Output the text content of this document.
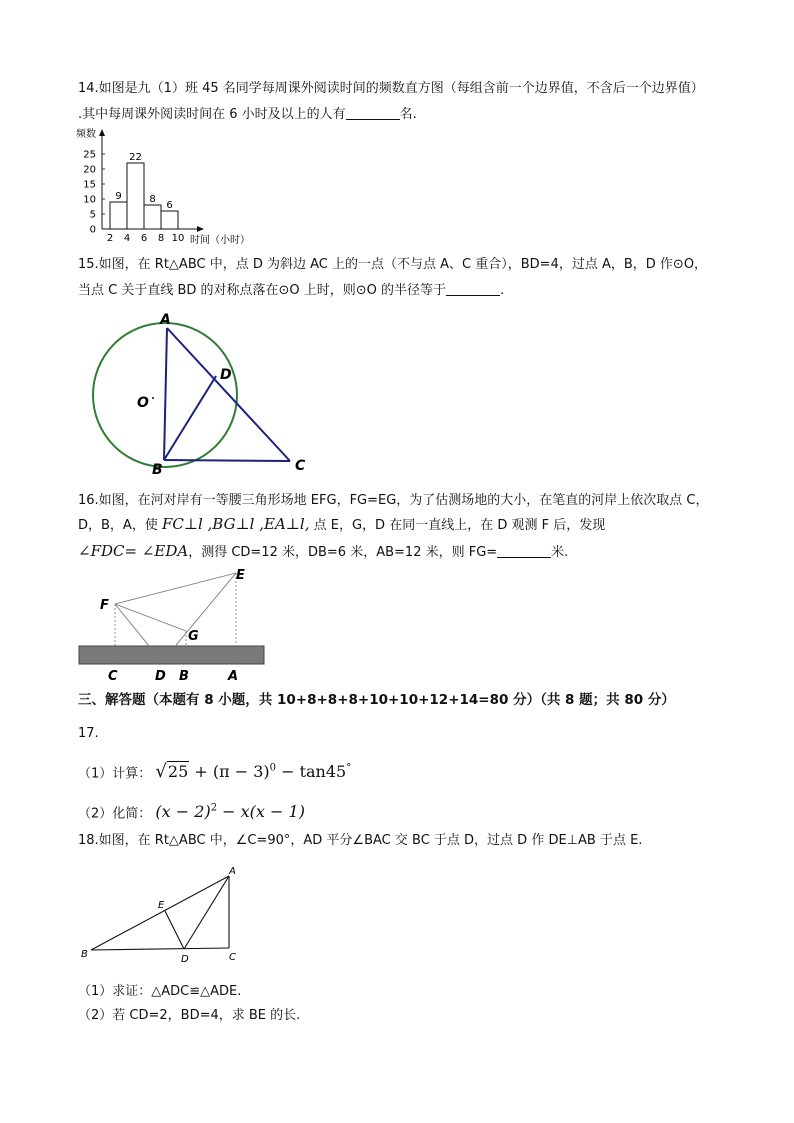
14.如图是九（1）班 45 名同学每周课外阅读时间的频数直方图（每组含前一个边界值，不含后一个边界值）
.其中每周课外阅读时间在 6 小时及以上的人有	名.
频数
0
5
10
15
20
25
9
22
8
6
2 4 6 8 10 时间（小时）
15.如图，在 Rt△ABC 中，点 D 为斜边 AC 上的一点（不与点 A、C 重合），BD=4，过点 A，B，D 作⊙O，
当点 C 关于直线 BD 的对称点落在⊙O 上时，则⊙O 的半径等于	.
A
B	C
D
O
16.如图，在河对岸有一等腰三角形场地 EFG，FG=EG，为了估测场地的大小，在笔直的河岸上依次取点 C，
D，B，A，使 FC⊥l ,BG⊥l ,EA⊥l, 点 E，G，D 在同一直线上，在 D 观测 F 后，发现
∠FDC= ∠EDA，测得 CD=12 米，DB=6 米，AB=12 米，则 FG=	米.
E
F
G
C	D B	A
三、解答题（本题有 8 小题，共 10+8+8+8+10+10+12+14=80 分）（共 8 题；共 80 分）
17.
（1）计算： $√25 + (\pi - 3)^0 - \tan 45^\circ$
（2）化简： $(x - 2)^2 - x(x - 1)$
18.如图，在 Rt△ABC 中，∠C=90°，AD 平分∠BAC 交 BC 于点 D，过点 D 作 DE⊥AB 于点 E.
A
B	C
D
E
（1）求证：△ADC≌△ADE.
（2）若 CD=2，BD=4，求 BE 的长.
